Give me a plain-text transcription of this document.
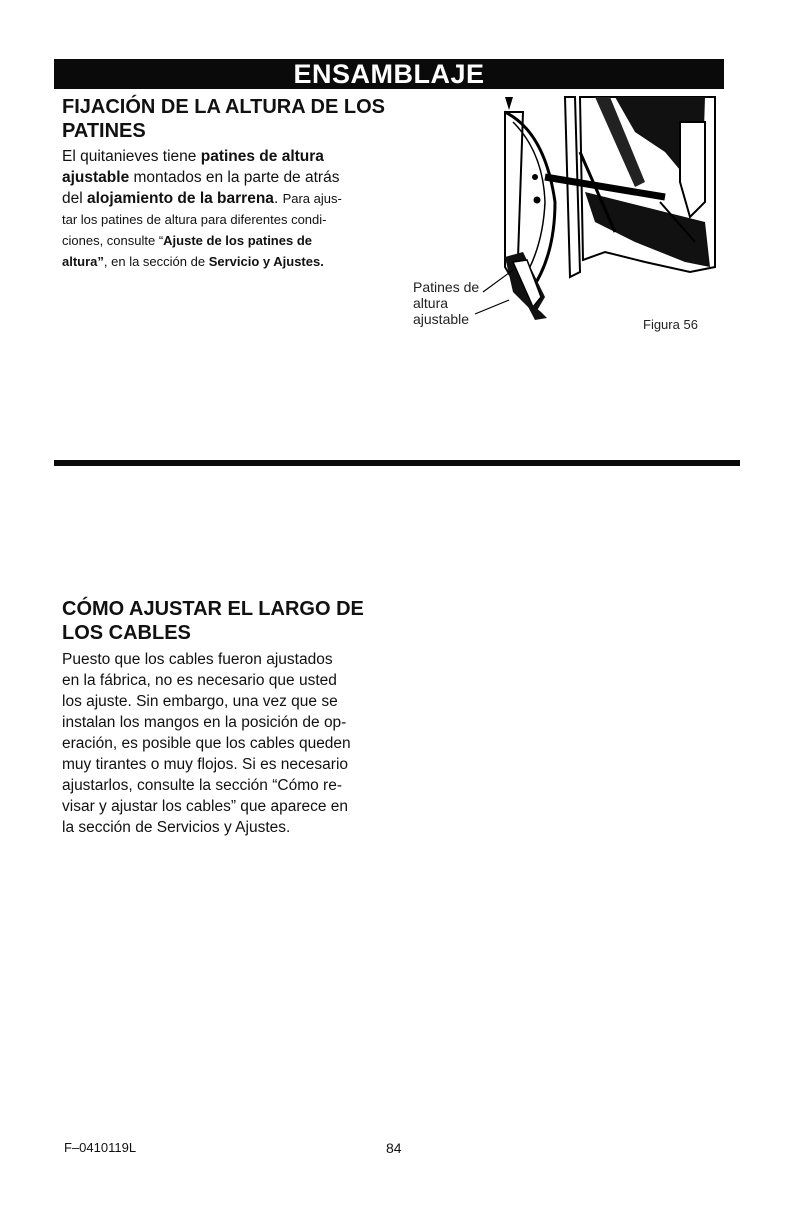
ENSAMBLAJE
FIJACIÓN DE LA ALTURA DE LOS
PATINES
El quitanieves tiene patines de altura
ajustable montados en la parte de atrás
del alojamiento de la barrena. Para ajus-
tar los patines de altura para diferentes condi-
ciones, consulte “Ajuste de los patines de
altura”, en la sección de Servicio y Ajustes.
Patines de
altura
ajustable	Figura 56
CÓMO AJUSTAR EL LARGO DE
LOS CABLES
Puesto que los cables fueron ajustados
en la fábrica, no es necesario que usted
los ajuste. Sin embargo, una vez que se
instalan los mangos en la posición de op-
eración, es posible que los cables queden
muy tirantes o muy flojos. Si es necesario
ajustarlos, consulte la sección “Cómo re-
visar y ajustar los cables” que aparece en
la sección de Servicios y Ajustes.
F–0410119L	84
